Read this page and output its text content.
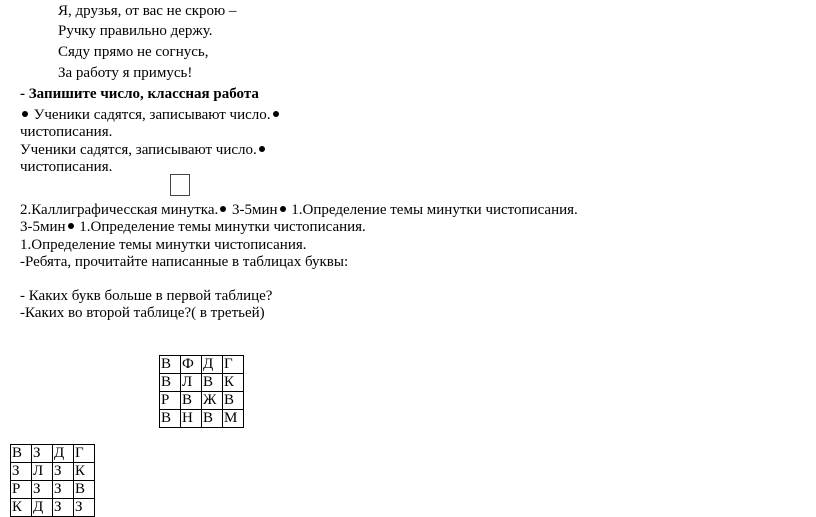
Я, друзья, от вас не скрою –
Ручку правильно держу.
Сяду прямо не согнусь,
За работу я примусь!
- Запишите число, классная работа
Ученики садятся, записывают число.
чистописания.
Ученики садятся, записывают число.
чистописания.
2.Каллиграфичесская минутка. 3-5мин 1.Определение темы минутки чистописания.
3-5мин 1.Определение темы минутки чистописания.
1.Определение темы минутки чистописания.
-Ребята, прочитайте написанные в таблицах буквы:
- Каких букв больше в первой таблице?
-Каких во второй таблице?( в третьей)
В	Ф	Д	Г
В	Л	В	К
Р	В	Ж	В
В	Н	В	М
В	З	Д	Г
З	Л	З	К
Р	З	З	В
К	Д	З	З
